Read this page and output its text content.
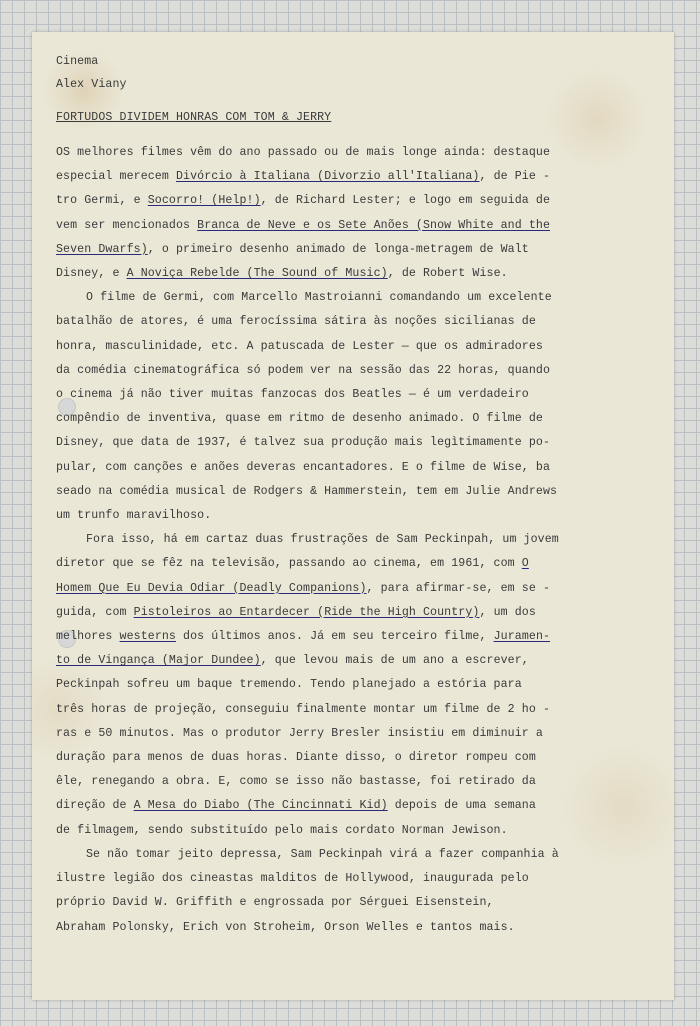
Cinema
Alex Viany
FORTUDOS DIVIDEM HONRAS COM TOM & JERRY
OS melhores filmes vêm do ano passado ou de mais longe ainda: destaque
especial merecem Divórcio à Italiana (Divorzio all'Italiana), de Pie -
tro Germi, e Socorro! (Help!), de Richard Lester; e logo em seguida de
vem ser mencionados Branca de Neve e os Sete Anões (Snow White and the
Seven Dwarfs), o primeiro desenho animado de longa-metragem de Walt
Disney, e A Noviça Rebelde (The Sound of Music), de Robert Wise.
O filme de Germi, com Marcello Mastroianni comandando um excelente
batalhão de atores, é uma ferocíssima sátira às noções sicilianas de
honra, masculinidade, etc. A patuscada de Lester — que os admiradores
da comédia cinematográfica só podem ver na sessão das 22 horas, quando
o cinema já não tiver muitas fanzocas dos Beatles — é um verdadeiro
compêndio de inventiva, quase em ritmo de desenho animado. O filme de
Disney, que data de 1937, é talvez sua produção mais legìtimamente po-
pular, com canções e anões deveras encantadores. E o filme de Wise, ba
seado na comédia musical de Rodgers & Hammerstein, tem em Julie Andrews
um trunfo maravilhoso.
Fora isso, há em cartaz duas frustrações de Sam Peckinpah, um jovem
diretor que se fêz na televisão, passando ao cinema, em 1961, com O
Homem Que Eu Devia Odiar (Deadly Companions), para afirmar-se, em se -
guida, com Pistoleiros ao Entardecer (Ride the High Country), um dos
melhores westerns dos últimos anos. Já em seu terceiro filme, Juramen-
to de Vingança (Major Dundee), que levou mais de um ano a escrever,
Peckinpah sofreu um baque tremendo. Tendo planejado a estória para
três horas de projeção, conseguiu finalmente montar um filme de 2 ho -
ras e 50 minutos. Mas o produtor Jerry Bresler insistiu em diminuir a
duração para menos de duas horas. Diante disso, o diretor rompeu com
êle, renegando a obra. E, como se isso não bastasse, foi retirado da
direção de A Mesa do Diabo (The Cincinnati Kid) depois de uma semana
de filmagem, sendo substituído pelo mais cordato Norman Jewison.
Se não tomar jeito depressa, Sam Peckinpah virá a fazer companhia à
ilustre legião dos cineastas malditos de Hollywood, inaugurada pelo
próprio David W. Griffith e engrossada por Sérguei Eisenstein,
Abraham Polonsky, Erich von Stroheim, Orson Welles e tantos mais.
